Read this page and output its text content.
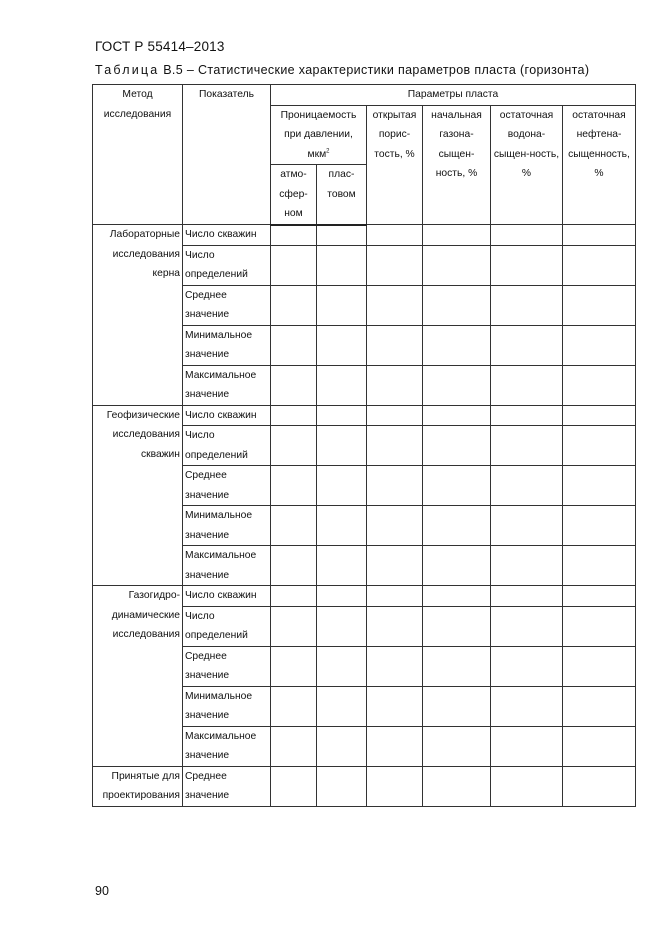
ГОСТ Р 55414–2013
Таблица В.5 – Статистические характеристики параметров пласта (горизонта)
Метод исследования	Показатель	Параметры пласта					
		Проницаемость при давлении, мкм$^2$		открытая порис-тость, %	начальная газона-сыщен-ность, %	остаточная водона-сыщен-ность, %	остаточная нефтена-сыщенность, %
		атмо-сфер-ном	плас-товом				
Лабораторные исследования керна	Число скважин						
	Число определений						
	Среднее значение						
	Минимальное значение						
	Максимальное значение						
Геофизические исследования скважин	Число скважин						
	Число определений						
	Среднее значение						
	Минимальное значение						
	Максимальное значение						
Газогидро-динамические исследования	Число скважин						
	Число определений						
	Среднее значение						
	Минимальное значение						
	Максимальное значение						
Принятые для проектирования	Среднее значение						
90
